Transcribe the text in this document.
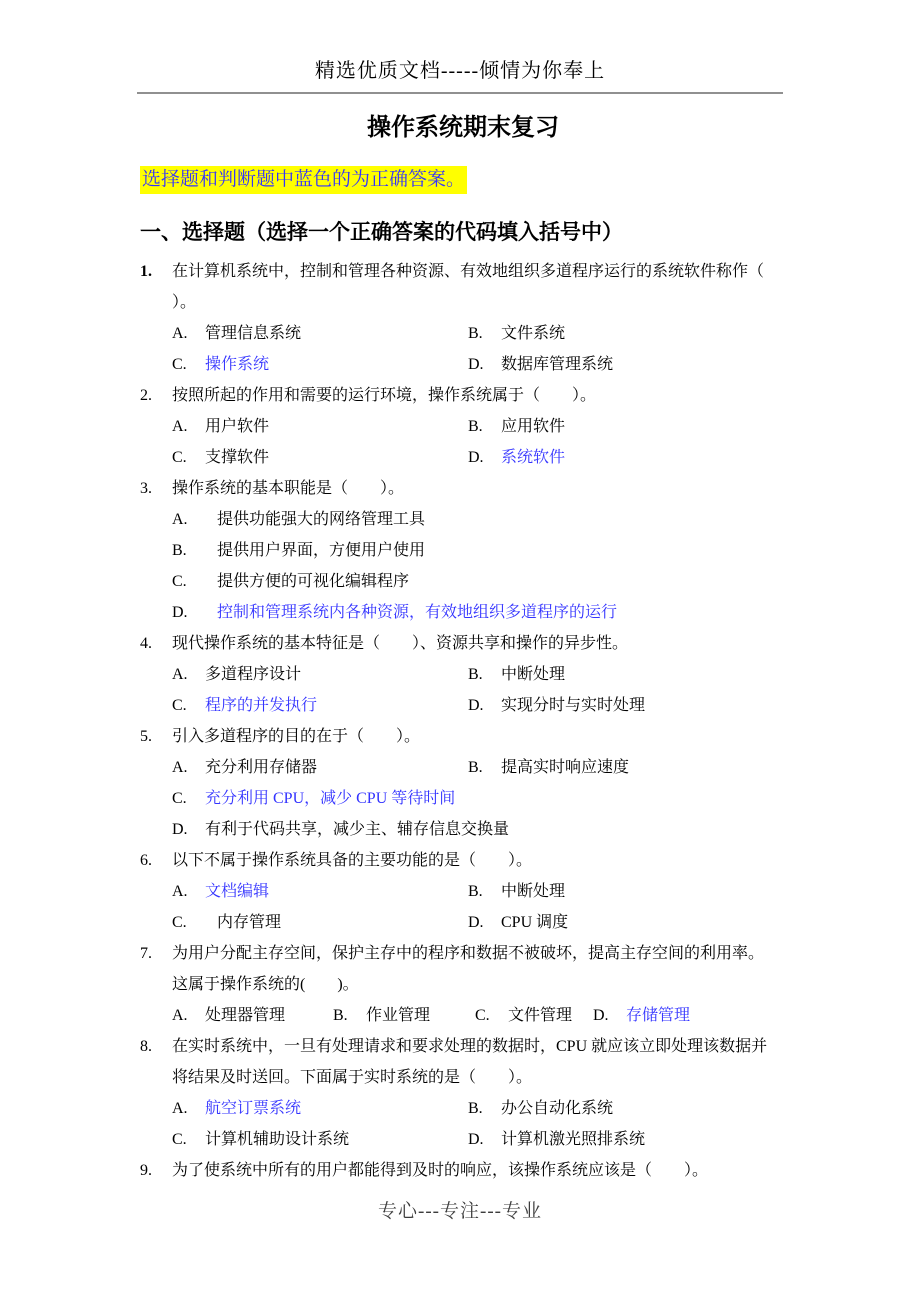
精选优质文档-----倾情为你奉上
操作系统期末复习
选择题和判断题中蓝色的为正确答案。
一、选择题（选择一个正确答案的代码填入括号中）
1. 在计算机系统中，控制和管理各种资源、有效地组织多道程序运行的系统软件称作（
）。
A. 管理信息系统	B. 文件系统
C. 操作系统	D. 数据库管理系统
2. 按照所起的作用和需要的运行环境，操作系统属于（　　）。
A. 用户软件	B. 应用软件
C. 支撑软件	D. 系统软件
3. 操作系统的基本职能是（　　）。
A. 提供功能强大的网络管理工具
B. 提供用户界面，方便用户使用
C. 提供方便的可视化编辑程序
D. 控制和管理系统内各种资源，有效地组织多道程序的运行
4. 现代操作系统的基本特征是（　　）、资源共享和操作的异步性。
A. 多道程序设计	B. 中断处理
C. 程序的并发执行	D. 实现分时与实时处理
5. 引入多道程序的目的在于（　　）。
A. 充分利用存储器	B. 提高实时响应速度
C. 充分利用 CPU，减少 CPU 等待时间
D. 有利于代码共享，减少主、辅存信息交换量
6. 以下不属于操作系统具备的主要功能的是（　　）。
A. 文档编辑	B. 中断处理
C. 内存管理	D. CPU 调度
7. 为用户分配主存空间，保护主存中的程序和数据不被破坏，提高主存空间的利用率。
这属于操作系统的(　　)。
A. 处理器管理	B. 作业管理	C. 文件管理	D. 存储管理
8. 在实时系统中，一旦有处理请求和要求处理的数据时，CPU 就应该立即处理该数据并
将结果及时送回。下面属于实时系统的是（　　）。
A. 航空订票系统	B. 办公自动化系统
C. 计算机辅助设计系统	D. 计算机激光照排系统
9. 为了使系统中所有的用户都能得到及时的响应，该操作系统应该是（　　）。
专心---专注---专业
